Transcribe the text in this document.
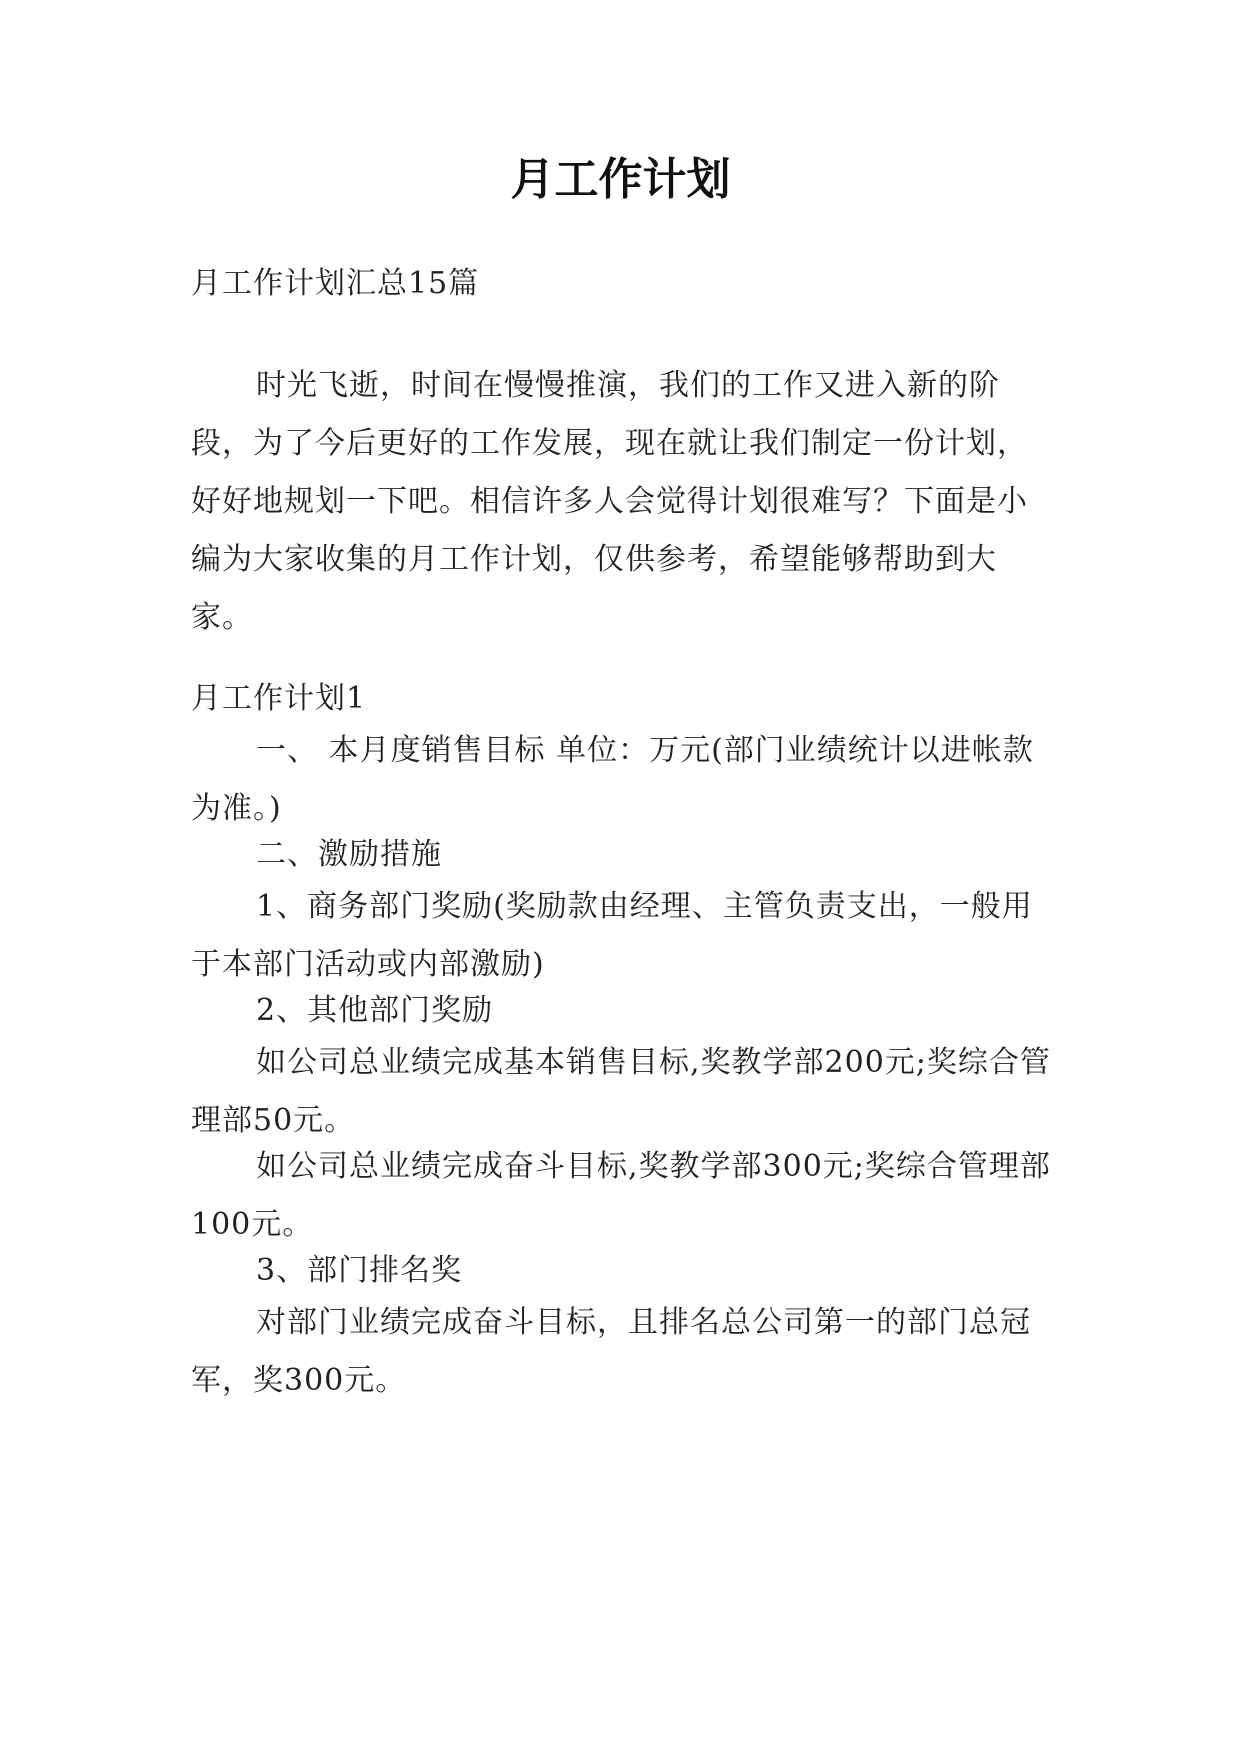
月工作计划

月工作计划汇总15篇

时光飞逝，时间在慢慢推演，我们的工作又进入新的阶段，为了今后更好的工作发展，现在就让我们制定一份计划，好好地规划一下吧。相信许多人会觉得计划很难写？下面是小编为大家收集的月工作计划，仅供参考，希望能够帮助到大家。

月工作计划1

一、 本月度销售目标 单位：万元(部门业绩统计以进帐款为准。)

二、激励措施

1、商务部门奖励(奖励款由经理、主管负责支出，一般用于本部门活动或内部激励)

2、其他部门奖励

如公司总业绩完成基本销售目标,奖教学部200元;奖综合管理部50元。

如公司总业绩完成奋斗目标,奖教学部300元;奖综合管理部100元。

3、部门排名奖

对部门业绩完成奋斗目标，且排名总公司第一的部门总冠军，奖300元。
